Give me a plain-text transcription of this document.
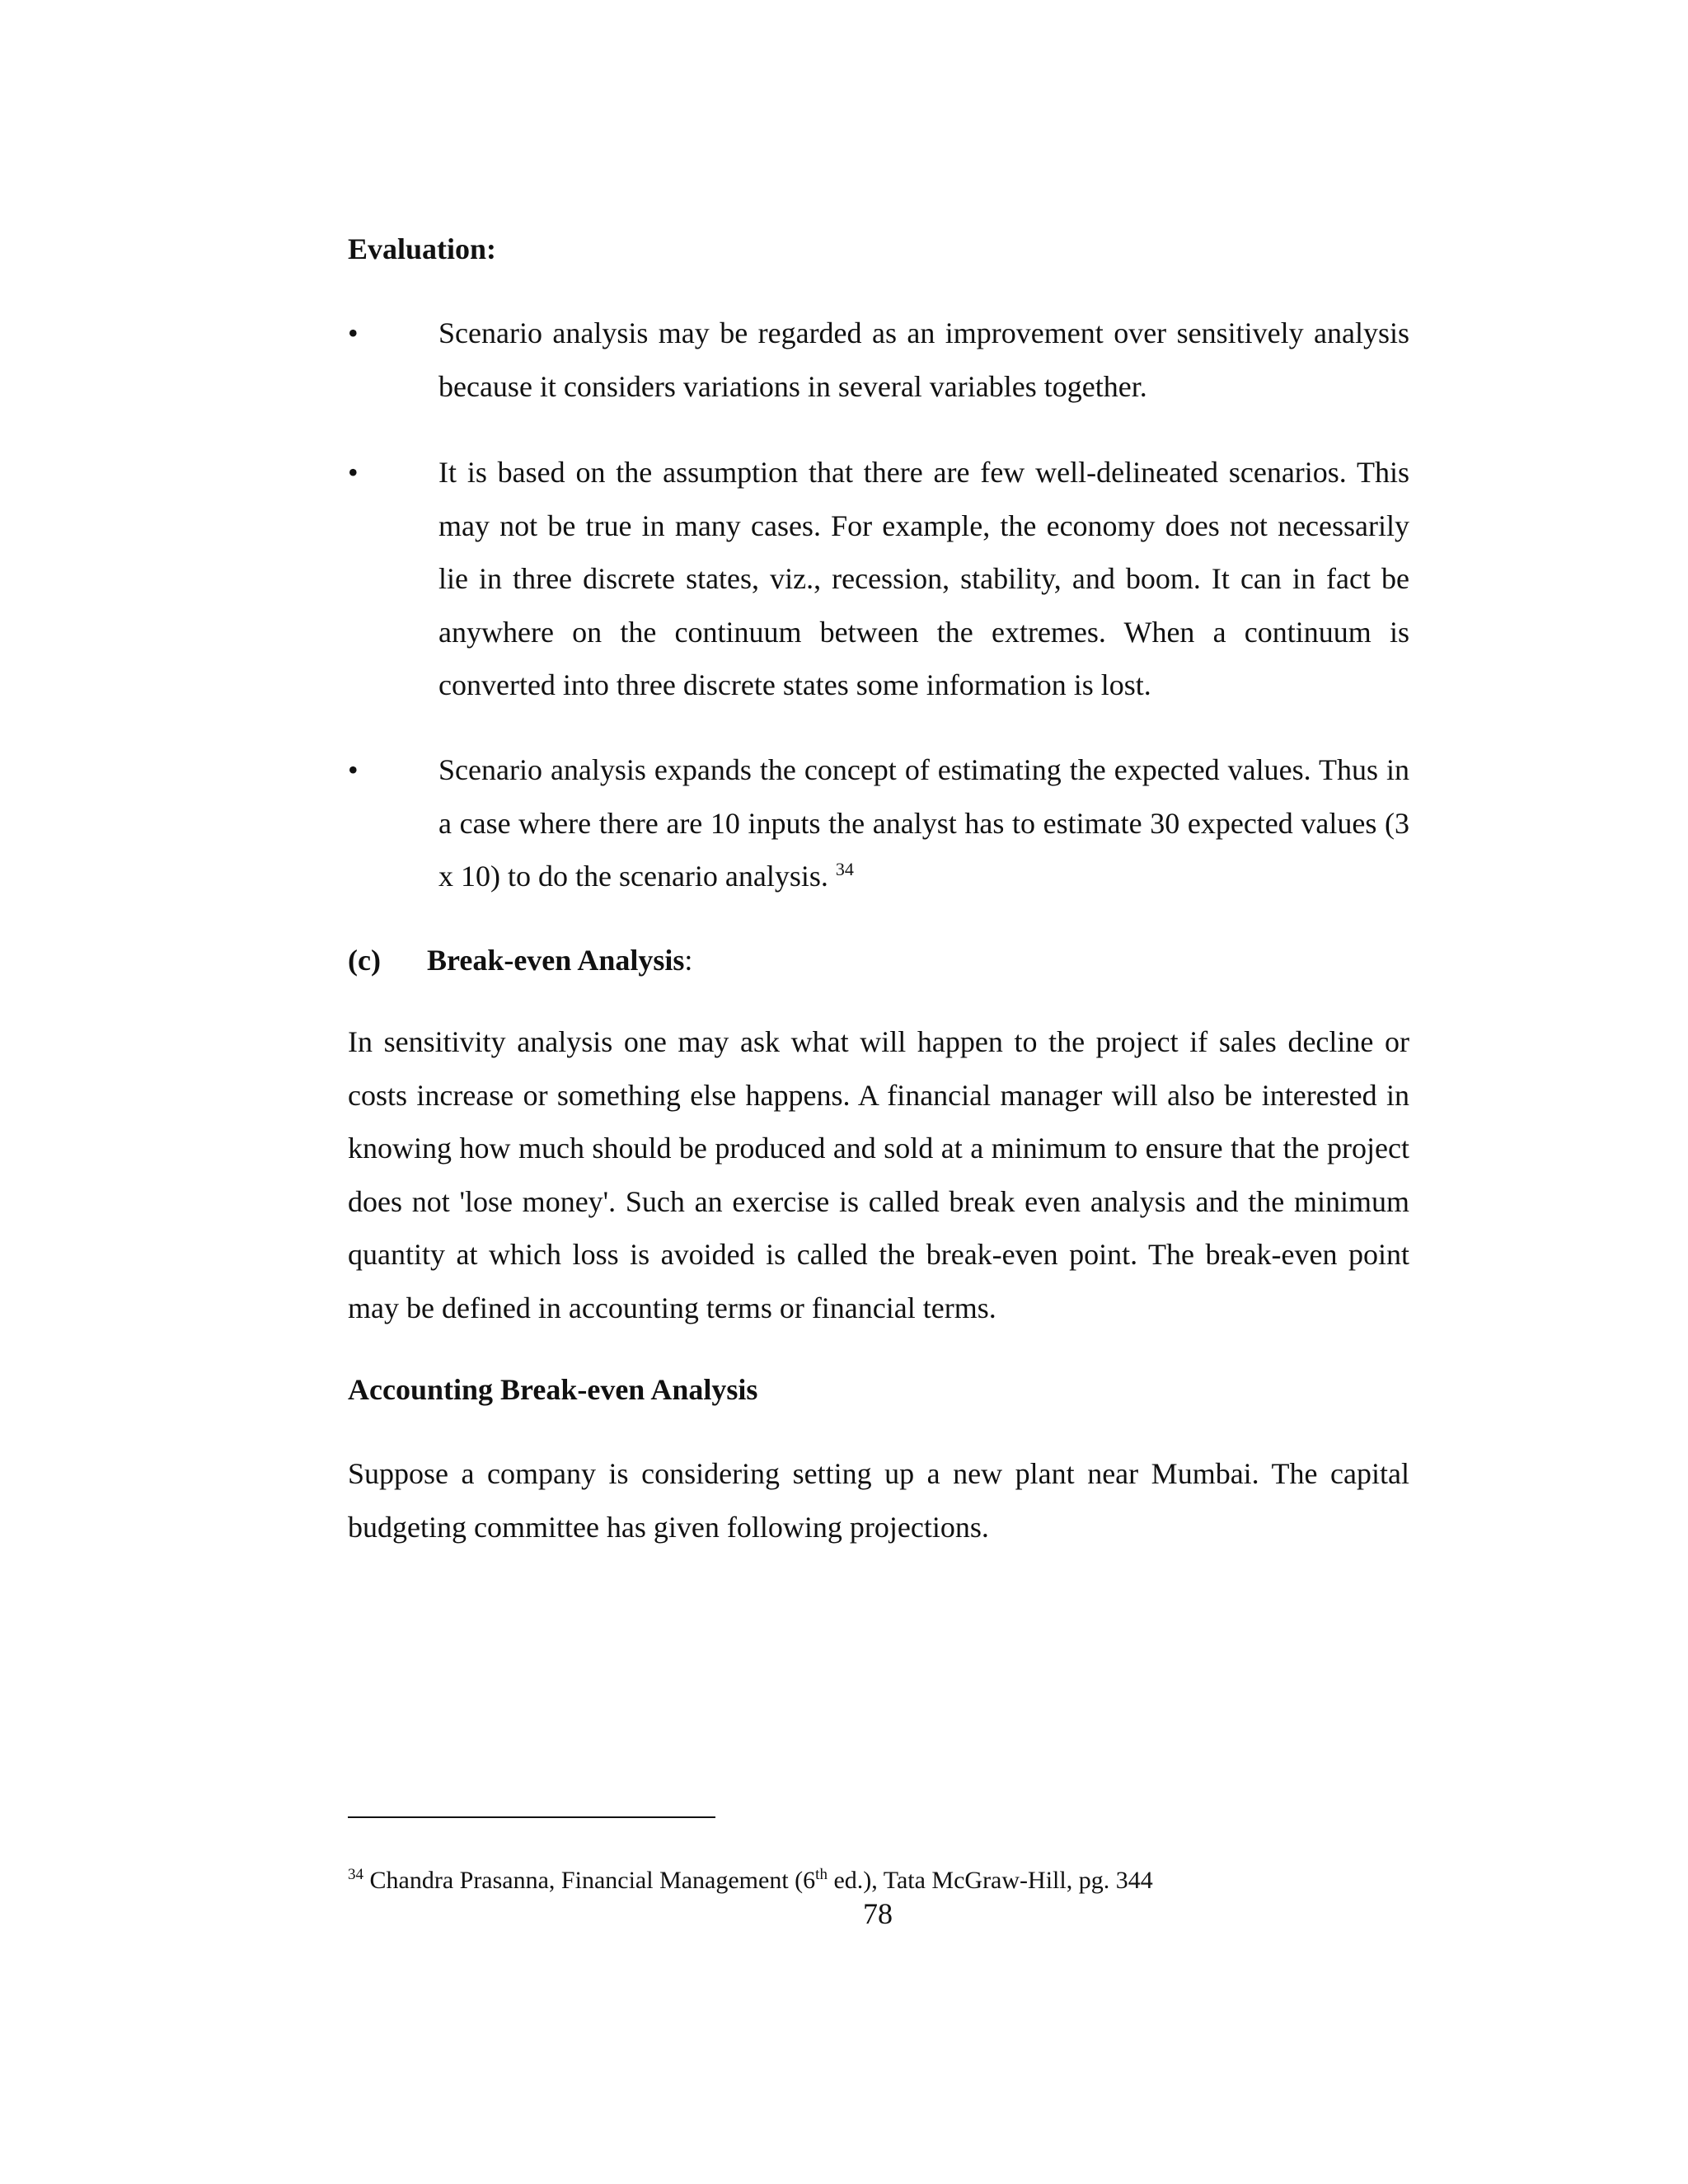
Evaluation:
•	Scenario analysis may be regarded as an improvement over sensitively analysis because it considers variations in several variables together.

•	It is based on the assumption that there are few well-delineated scenarios. This may not be true in many cases. For example, the economy does not necessarily lie in three discrete states, viz., recession, stability, and boom. It can in fact be anywhere on the continuum between the extremes. When a continuum is converted into three discrete states some information is lost.

•	Scenario analysis expands the concept of estimating the expected values. Thus in a case where there are 10 inputs the analyst has to estimate 30 expected values (3 x 10) to do the scenario analysis. $^{34}$

(c) Break-even Analysis:

In sensitivity analysis one may ask what will happen to the project if sales decline or costs increase or something else happens. A financial manager will also be interested in knowing how much should be produced and sold at a minimum to ensure that the project does not 'lose money'. Such an exercise is called break even analysis and the minimum quantity at which loss is avoided is called the break-even point. The break-even point may be defined in accounting terms or financial terms.

Accounting Break-even Analysis

Suppose a company is considering setting up a new plant near Mumbai. The capital budgeting committee has given following projections.

$^{34}$ Chandra Prasanna, Financial Management (6th ed.), Tata McGraw-Hill, pg. 344
78
